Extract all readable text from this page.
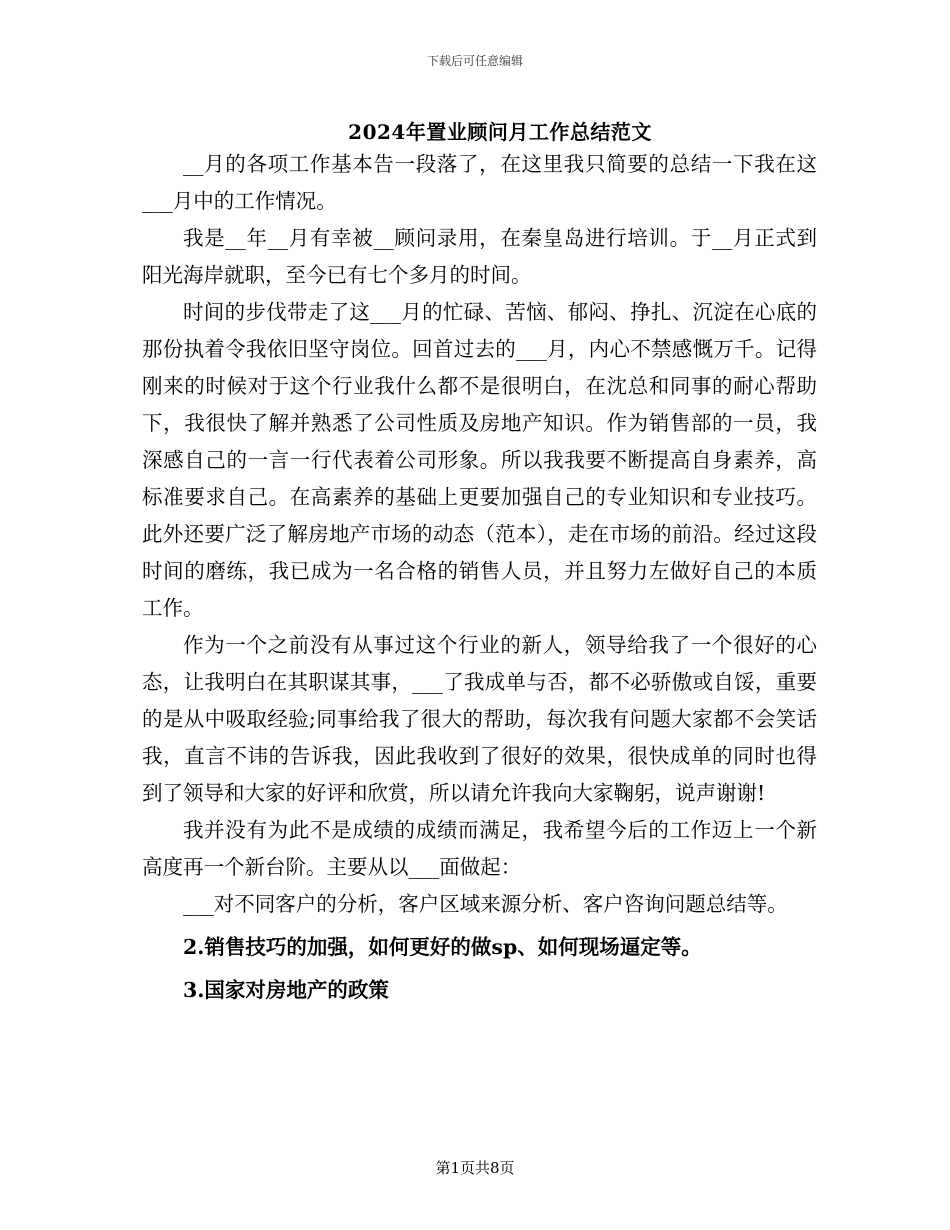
下载后可任意编辑
2024年置业顾问月工作总结范文

__月的各项工作基本告一段落了，在这里我只简要的总结一下我在这___月中的工作情况。

我是__年__月有幸被__顾问录用，在秦皇岛进行培训。于__月正式到阳光海岸就职，至今已有七个多月的时间。

时间的步伐带走了这___月的忙碌、苦恼、郁闷、挣扎、沉淀在心底的那份执着令我依旧坚守岗位。回首过去的___月，内心不禁感慨万千。记得刚来的时候对于这个行业我什么都不是很明白，在沈总和同事的耐心帮助下，我很快了解并熟悉了公司性质及房地产知识。作为销售部的一员，我深感自己的一言一行代表着公司形象。所以我我要不断提高自身素养，高标准要求自己。在高素养的基础上更要加强自己的专业知识和专业技巧。此外还要广泛了解房地产市场的动态（范本），走在市场的前沿。经过这段时间的磨练，我已成为一名合格的销售人员，并且努力左做好自己的本质工作。

作为一个之前没有从事过这个行业的新人，领导给我了一个很好的心态，让我明白在其职谋其事，___了我成单与否，都不必骄傲或自馁，重要的是从中吸取经验;同事给我了很大的帮助，每次我有问题大家都不会笑话我，直言不讳的告诉我，因此我收到了很好的效果，很快成单的同时也得到了领导和大家的好评和欣赏，所以请允许我向大家鞠躬，说声谢谢!

我并没有为此不是成绩的成绩而满足，我希望今后的工作迈上一个新高度再一个新台阶。主要从以___面做起：

___对不同客户的分析，客户区域来源分析、客户咨询问题总结等。

2.销售技巧的加强，如何更好的做sp、如何现场逼定等。

3.国家对房地产的政策

第1页共8页
